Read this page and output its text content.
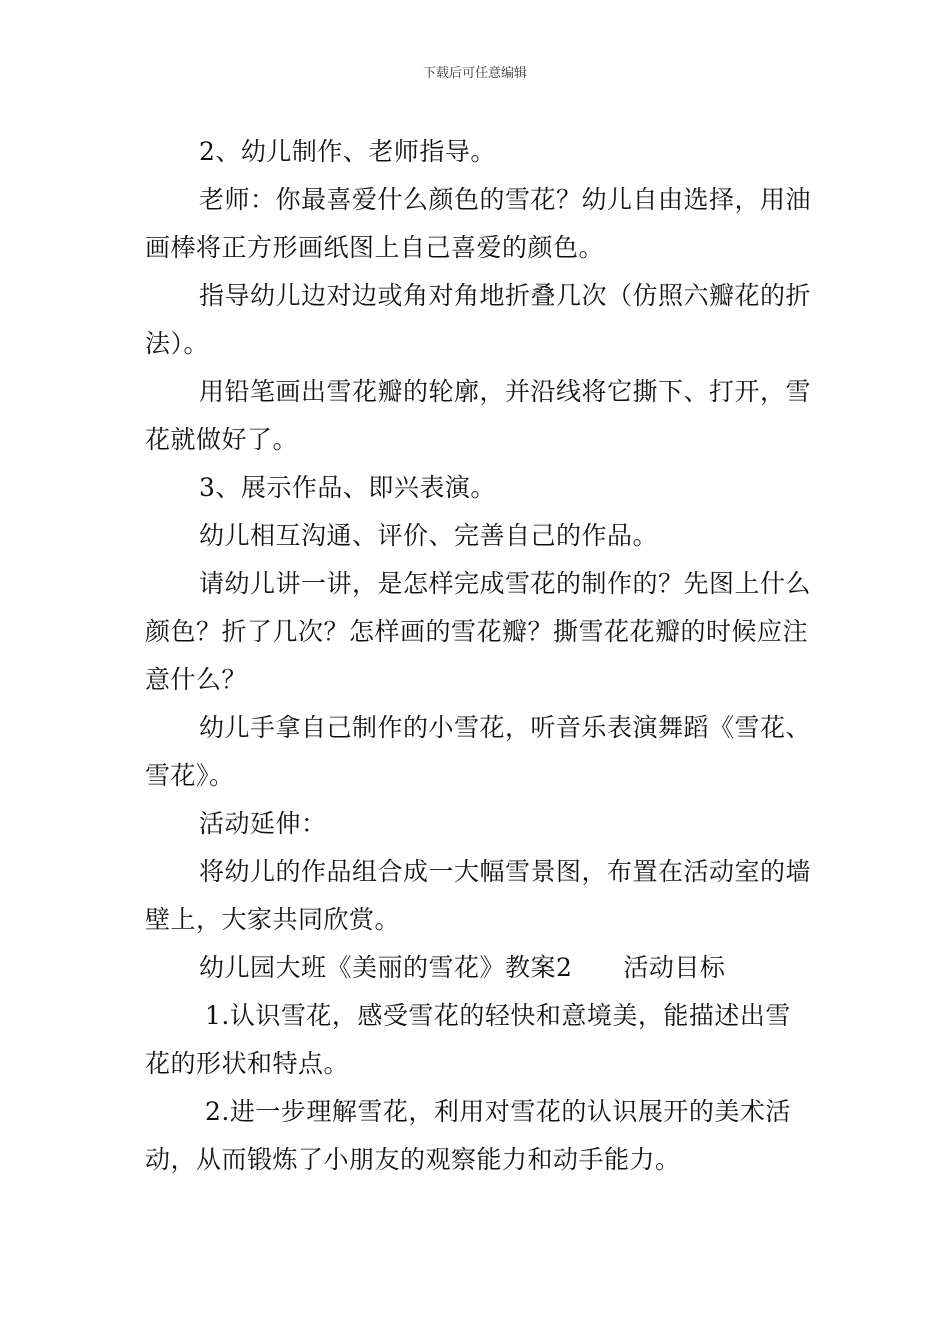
下载后可任意编辑

2、幼儿制作、老师指导。

老师：你最喜爱什么颜色的雪花？幼儿自由选择，用油画棒将正方形画纸图上自己喜爱的颜色。

指导幼儿边对边或角对角地折叠几次（仿照六瓣花的折法）。

用铅笔画出雪花瓣的轮廓，并沿线将它撕下、打开，雪花就做好了。

3、展示作品、即兴表演。

幼儿相互沟通、评价、完善自己的作品。

请幼儿讲一讲，是怎样完成雪花的制作的？先图上什么颜色？折了几次？怎样画的雪花瓣？撕雪花花瓣的时候应注意什么？

幼儿手拿自己制作的小雪花，听音乐表演舞蹈《雪花、雪花》。

活动延伸：

将幼儿的作品组合成一大幅雪景图，布置在活动室的墙壁上，大家共同欣赏。

幼儿园大班《美丽的雪花》教案2　　活动目标

1.认识雪花，感受雪花的轻快和意境美，能描述出雪花的形状和特点。

2.进一步理解雪花，利用对雪花的认识展开的美术活动，从而锻炼了小朋友的观察能力和动手能力。
